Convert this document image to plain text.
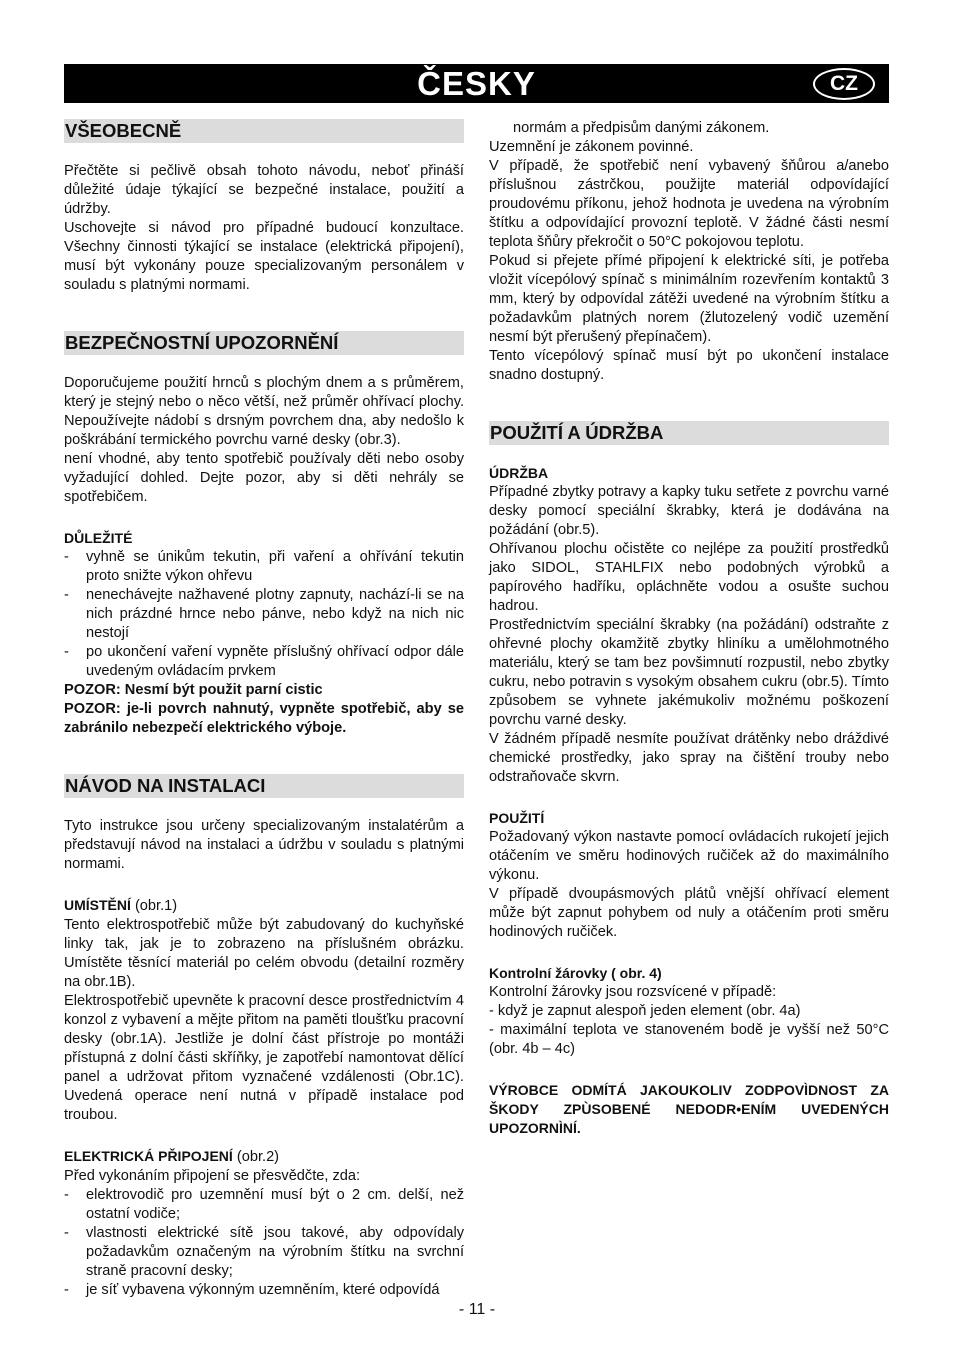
ČESKY	CZ
VŠEOBECNĚ

Přečtěte si pečlivě obsah tohoto návodu, neboť přináší důležité údaje týkající se bezpečné instalace, použití a údržby.

Uschovejte si návod pro případné budoucí konzultace. Všechny činnosti týkající se instalace (elektrická připojení), musí být vykonány pouze specializovaným personálem v souladu s platnými normami.

BEZPEČNOSTNÍ UPOZORNĚNÍ

Doporučujeme použití hrnců s plochým dnem a s průměrem, který je stejný nebo o něco větší, než průměr ohřívací plochy. Nepoužívejte nádobí s drsným povrchem dna, aby nedošlo k poškrábání termického povrchu varné desky (obr.3).

není vhodné, aby tento spotřebič používaly děti nebo osoby vyžadující dohled. Dejte pozor, aby si děti nehrály se spotřebičem.

DŮLEŽITÉ
- vyhně se únikům tekutin, při vaření a ohřívání tekutin proto snižte výkon ohřevu
- nenechávejte nažhavené plotny zapnuty, nachází-li se na nich prázdné hrnce nebo pánve, nebo když na nich nic nestojí
- po ukončení vaření vypněte příslušný ohřívací odpor dále uvedeným ovládacím prvkem

POZOR: Nesmí být použit parní cistic

POZOR: je-li povrch nahnutý, vypněte spotřebič, aby se zabránilo nebezpečí elektrického výboje.

NÁVOD NA INSTALACI

Tyto instrukce jsou určeny specializovaným instalatérům a představují návod na instalaci a údržbu v souladu s platnými normami.

UMÍSTĚNÍ (obr.1)

Tento elektrospotřebič může být zabudovaný do kuchyňské linky tak, jak je to zobrazeno na příslušném obrázku. Umístěte těsnící materiál po celém obvodu (detailní rozměry na obr.1B).

Elektrospotřebič upevněte k pracovní desce prostřednictvím 4 konzol z vybavení a mějte přitom na paměti tloušťku pracovní desky (obr.1A). Jestliže je dolní část přístroje po montáži přístupná z dolní části skříňky, je zapotřebí namontovat dělící panel a udržovat přitom vyznačené vzdálenosti (Obr.1C). Uvedená operace není nutná v případě instalace pod troubou.

ELEKTRICKÁ PŘIPOJENÍ (obr.2)

Před vykonáním připojení se přesvědčte, zda:

- elektrovodič pro uzemnění musí být o 2 cm. delší, než ostatní vodiče;
- vlastnosti elektrické sítě jsou takové, aby odpovídaly požadavkům označeným na výrobním štítku na svrchní straně pracovní desky;
- je síť vybavena výkonným uzemněním, které odpovídá

normám a předpisům danými zákonem.

Uzemnění je zákonem povinné.

V případě, že spotřebič není vybavený šňůrou a/anebo příslušnou zástrčkou, použijte materiál odpovídající proudovému příkonu, jehož hodnota je uvedena na výrobním štítku a odpovídající provozní teplotě. V žádné části nesmí teplota šňůry překročit o 50°C pokojovou teplotu.

Pokud si přejete přímé připojení k elektrické síti, je potřeba vložit vícepólový spínač s minimálním rozevřením kontaktů 3 mm, který by odpovídal zátěži uvedené na výrobním štítku a požadavkům platných norem (žlutozelený vodič uzemění nesmí být přerušený přepínačem).

Tento vícepólový spínač musí být po ukončení instalace snadno dostupný.

POUŽITÍ A ÚDRŽBA
ÚDRŽBA

Případné zbytky potravy a kapky tuku setřete z povrchu varné desky pomocí speciální škrabky, která je dodávána na požádání (obr.5).

Ohřívanou plochu očistěte co nejlépe za použití prostředků jako SIDOL, STAHLFIX nebo podobných výrobků a papírového hadříku, opláchněte vodou a osušte suchou hadrou.

Prostřednictvím speciální škrabky (na požádání) odstraňte z ohřevné plochy okamžitě zbytky hliníku a umělohmotného materiálu, který se tam bez povšimnutí rozpustil, nebo zbytky cukru, nebo potravin s vysokým obsahem cukru (obr.5). Tímto způsobem se vyhnete jakémukoliv možnému poškození povrchu varné desky.

V žádném případě nesmíte používat drátěnky nebo dráždivé chemické prostředky, jako spray na čištění trouby nebo odstraňovače skvrn.

POUŽITÍ

Požadovaný výkon nastavte pomocí ovládacích rukojetí jejich otáčením ve směru hodinových ručiček až do maximálního výkonu.

V případě dvoupásmových plátů vnější ohřívací element může být zapnut pohybem od nuly a otáčením proti směru hodinových ručiček.

Kontrolní žárovky ( obr. 4)

Kontrolní žárovky jsou rozsvícené v případě:

- když je zapnut alespoň jeden element (obr. 4a)
- maximální teplota ve stanoveném bodě je vyšší než 50°C (obr. 4b – 4c)

VÝROBCE ODMÍTÁ JAKOUKOLIV ZODPOVÌDNOST ZA ŠKODY ZPÙSOBENÉ NEDODR•ENÍM UVEDENÝCH UPOZORNÌNÍ.

- 11 -
